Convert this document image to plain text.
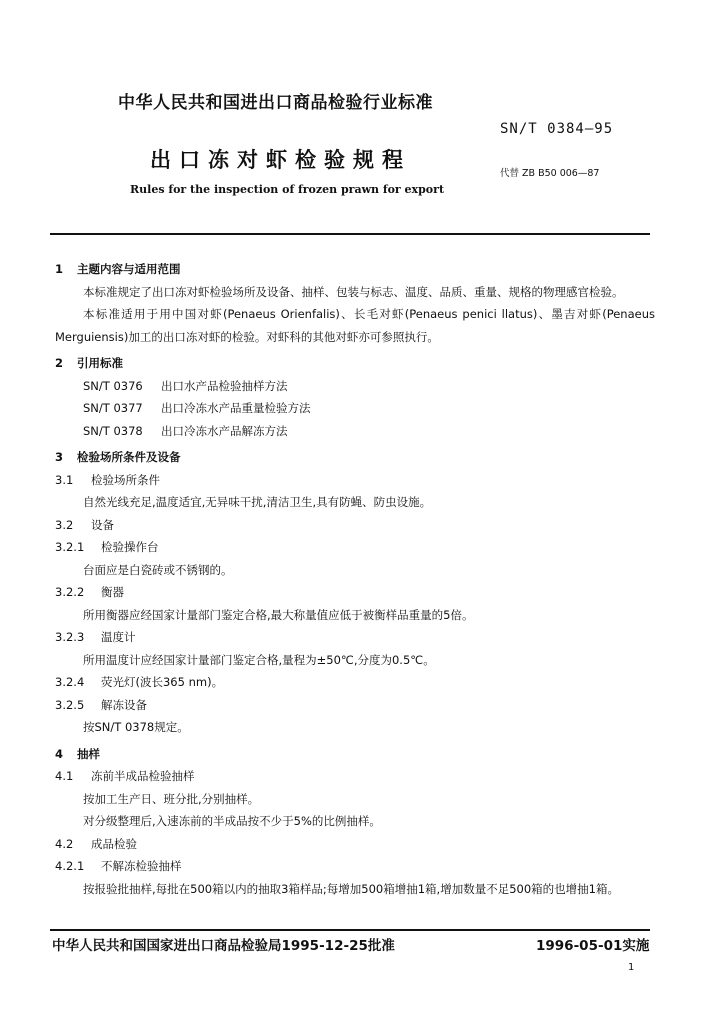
中华人民共和国进出口商品检验行业标准
SN/T 0384—95
出口冻对虾检验规程
代替 ZB B50 006—87
Rules for the inspection of frozen prawn for export
1 主题内容与适用范围
本标准规定了出口冻对虾检验场所及设备、抽样、包装与标志、温度、品质、重量、规格的物理感官检验。
本标准适用于用中国对虾(Penaeus Orienfalis)、长毛对虾(Penaeus penici llatus)、墨吉对虾(Penaeus Merguiensis)加工的出口冻对虾的检验。对虾科的其他对虾亦可参照执行。
2 引用标准
SN/T 0376 出口水产品检验抽样方法
SN/T 0377 出口冷冻水产品重量检验方法
SN/T 0378 出口冷冻水产品解冻方法
3 检验场所条件及设备
3.1 检验场所条件
自然光线充足,温度适宜,无异味干扰,清洁卫生,具有防蝇、防虫设施。
3.2 设备
3.2.1 检验操作台
台面应是白瓷砖或不锈钢的。
3.2.2 衡器
所用衡器应经国家计量部门鉴定合格,最大称量值应低于被衡样品重量的5倍。
3.2.3 温度计
所用温度计应经国家计量部门鉴定合格,量程为±50℃,分度为0.5℃。
3.2.4 荧光灯(波长365 nm)。
3.2.5 解冻设备
按SN/T 0378规定。
4 抽样
4.1 冻前半成品检验抽样
按加工生产日、班分批,分别抽样。
对分级整理后,入速冻前的半成品按不少于5%的比例抽样。
4.2 成品检验
4.2.1 不解冻检验抽样
按报验批抽样,每批在500箱以内的抽取3箱样品;每增加500箱增抽1箱,增加数量不足500箱的也增抽1箱。
中华人民共和国国家进出口商品检验局1995-12-25批准	1996-05-01实施
1
